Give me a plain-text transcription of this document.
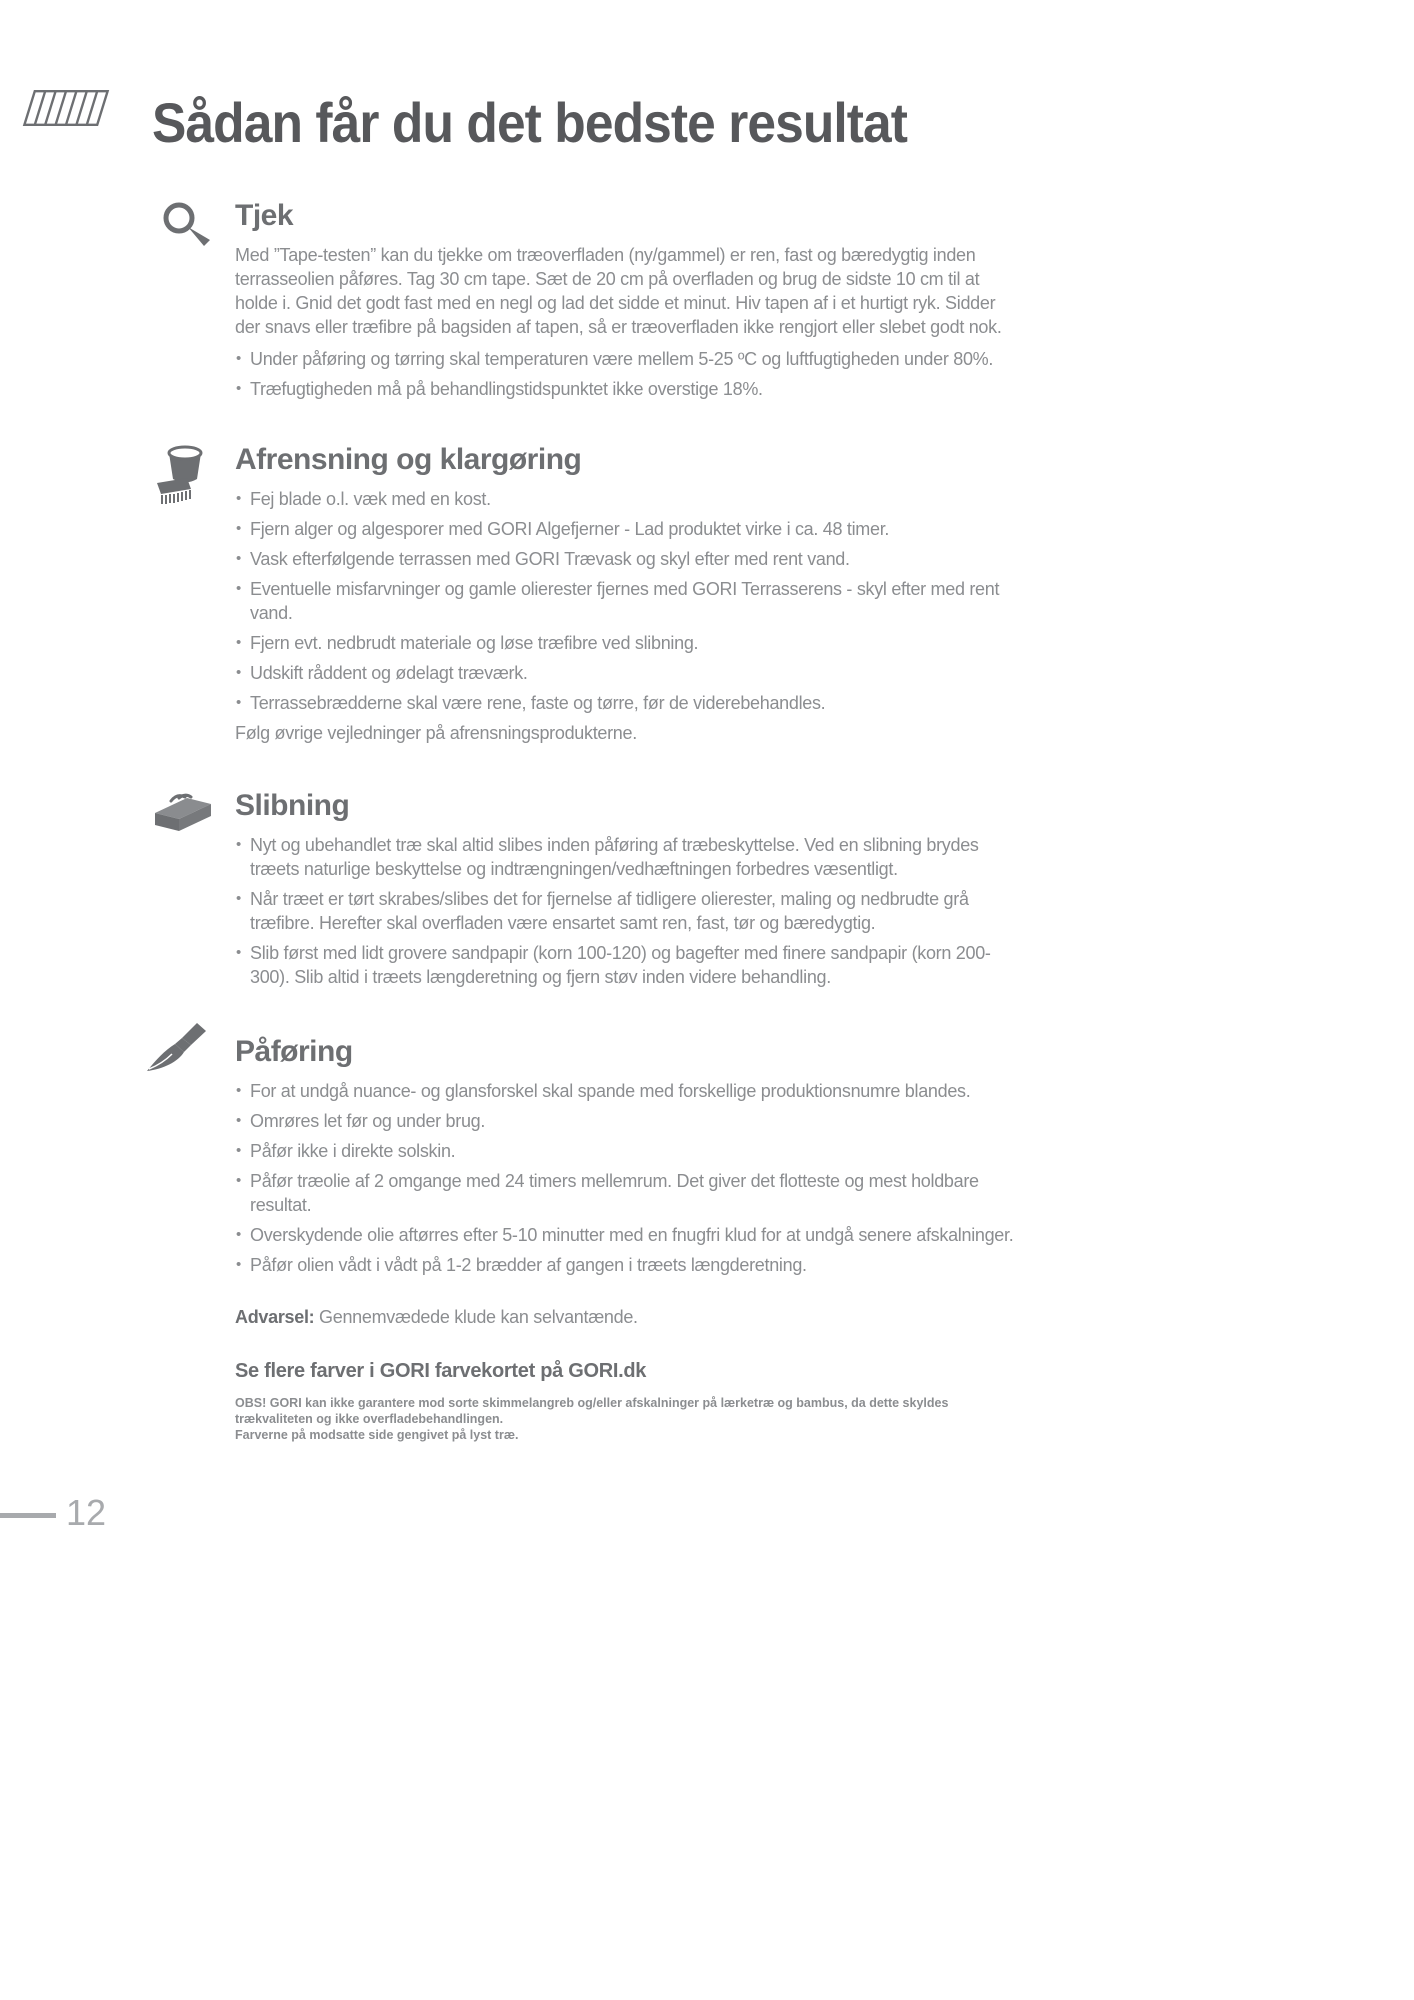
Sådan får du det bedste resultat
Tjek

Med ”Tape-testen” kan du tjekke om træoverfladen (ny/gammel) er ren, fast og bæredygtig inden terrasseolien påføres. Tag 30 cm tape. Sæt de 20 cm på overfladen og brug de sidste 10 cm til at holde i. Gnid det godt fast med en negl og lad det sidde et minut. Hiv tapen af i et hurtigt ryk. Sidder der snavs eller træfibre på bagsiden af tapen, så er træoverfladen ikke rengjort eller slebet godt nok.

• Under påføring og tørring skal temperaturen være mellem 5-25 ºC og luftfugtigheden under 80%.
• Træfugtigheden må på behandlingstidspunktet ikke overstige 18%.
Afrensning og klargøring
• Fej blade o.l. væk med en kost.
• Fjern alger og algesporer med GORI Algefjerner - Lad produktet virke i ca. 48 timer.
• Vask efterfølgende terrassen med GORI Trævask og skyl efter med rent vand.
• Eventuelle misfarvninger og gamle olierester fjernes med GORI Terrasserens - skyl efter med rent vand.
• Fjern evt. nedbrudt materiale og løse træfibre ved slibning.
• Udskift råddent og ødelagt træværk.
• Terrassebrædderne skal være rene, faste og tørre, før de viderebehandles.

Følg øvrige vejledninger på afrensningsprodukterne.

Slibning
• Nyt og ubehandlet træ skal altid slibes inden påføring af træbeskyttelse. Ved en slibning brydes træets naturlige beskyttelse og indtrængningen/vedhæftningen forbedres væsentligt.
• Når træet er tørt skrabes/slibes det for fjernelse af tidligere olierester, maling og nedbrudte grå træfibre. Herefter skal overfladen være ensartet samt ren, fast, tør og bæredygtig.
• Slib først med lidt grovere sandpapir (korn 100-120) og bagefter med finere sandpapir (korn 200-300). Slib altid i træets længderetning og fjern støv inden videre behandling.
Påføring
• For at undgå nuance- og glansforskel skal spande med forskellige produktionsnumre blandes.
• Omrøres let før og under brug.
• Påfør ikke i direkte solskin.
• Påfør træolie af 2 omgange med 24 timers mellemrum. Det giver det flotteste og mest holdbare resultat.
• Overskydende olie aftørres efter 5-10 minutter med en fnugfri klud for at undgå senere afskalninger.
• Påfør olien vådt i vådt på 1-2 brædder af gangen i træets længderetning.

Advarsel: Gennemvædede klude kan selvantænde.

Se flere farver i GORI farvekortet på GORI.dk

OBS! GORI kan ikke garantere mod sorte skimmelangreb og/eller afskalninger på lærketræ og bambus, da dette skyldes trækvaliteten og ikke overfladebehandlingen.

Farverne på modsatte side gengivet på lyst træ.

12
